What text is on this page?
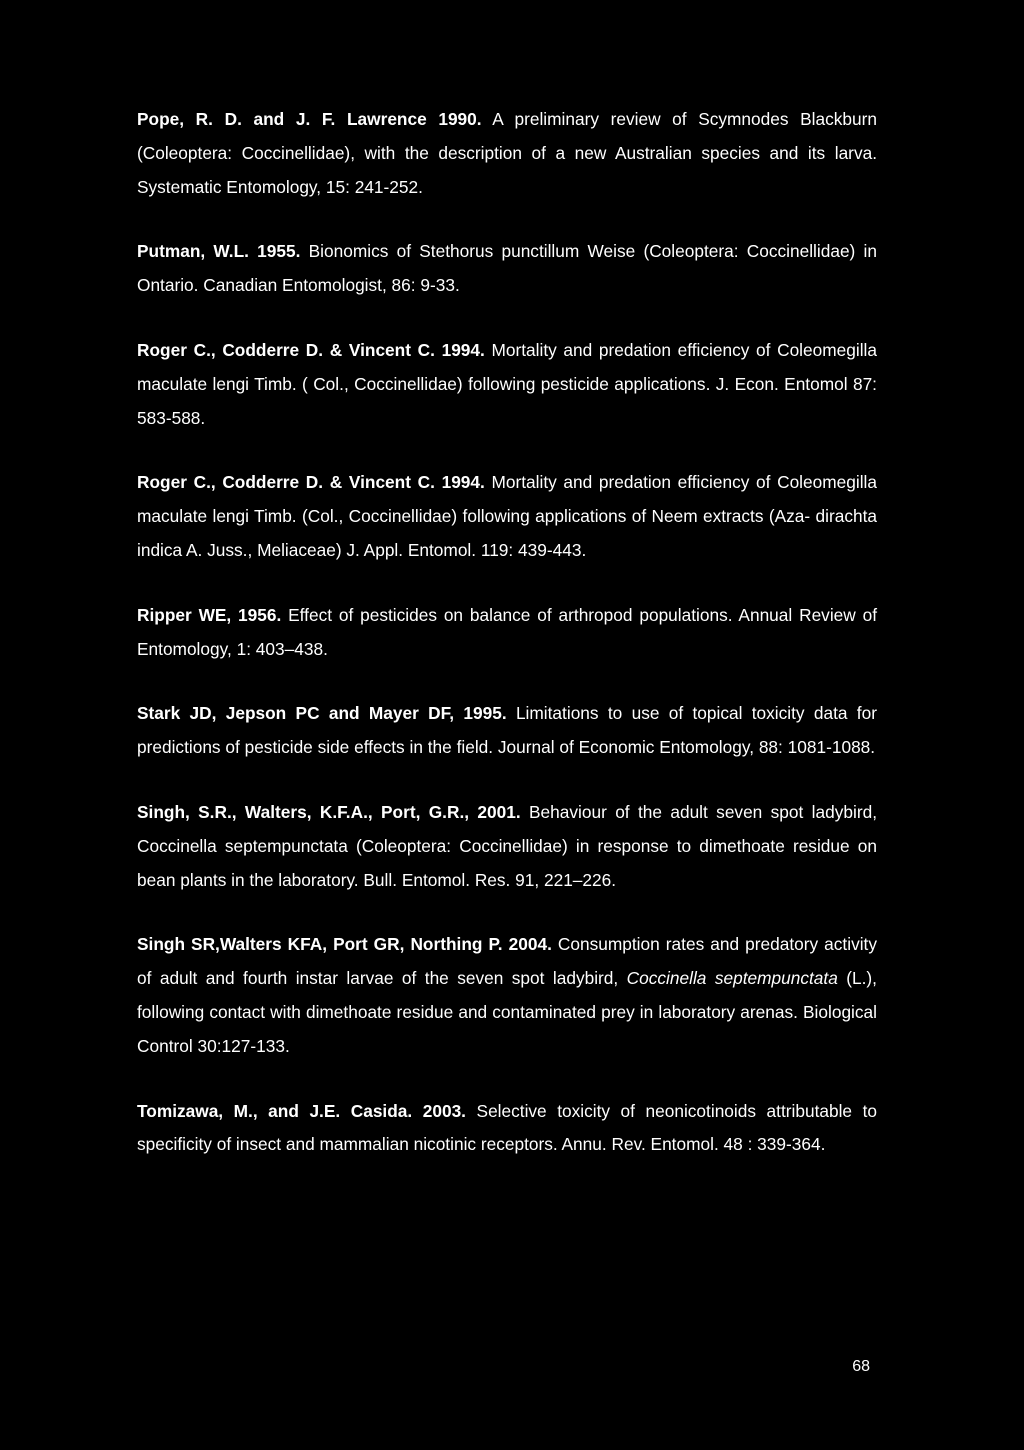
Pope, R. D. and J. F. Lawrence 1990. A preliminary review of Scymnodes Blackburn (Coleoptera: Coccinellidae), with the description of a new Australian species and its larva. Systematic Entomology, 15: 241-252.

Putman, W.L. 1955. Bionomics of Stethorus punctillum Weise (Coleoptera: Coccinellidae) in Ontario. Canadian Entomologist, 86: 9-33.

Roger C., Codderre D. & Vincent C. 1994. Mortality and predation efficiency of Coleomegilla maculate lengi Timb. ( Col., Coccinellidae) following pesticide applications. J. Econ. Entomol 87: 583-588.

Roger C., Codderre D. & Vincent C. 1994. Mortality and predation efficiency of Coleomegilla maculate lengi Timb. (Col., Coccinellidae) following applications of Neem extracts (Aza- dirachta indica A. Juss., Meliaceae) J. Appl. Entomol. 119: 439-443.

Ripper WE, 1956. Effect of pesticides on balance of arthropod populations. Annual Review of Entomology, 1: 403–438.

Stark JD, Jepson PC and Mayer DF, 1995. Limitations to use of topical toxicity data for predictions of pesticide side effects in the field. Journal of Economic Entomology, 88: 1081-1088.

Singh, S.R., Walters, K.F.A., Port, G.R., 2001. Behaviour of the adult seven spot ladybird, Coccinella septempunctata (Coleoptera: Coccinellidae) in response to dimethoate residue on bean plants in the laboratory. Bull. Entomol. Res. 91, 221–226.

Singh SR,Walters KFA, Port GR, Northing P. 2004. Consumption rates and predatory activity of adult and fourth instar larvae of the seven spot ladybird, Coccinella septempunctata (L.), following contact with dimethoate residue and contaminated prey in laboratory arenas. Biological Control 30:127-133.

Tomizawa, M., and J.E. Casida. 2003. Selective toxicity of neonicotinoids attributable to specificity of insect and mammalian nicotinic receptors. Annu. Rev. Entomol. 48 : 339-364.

68
